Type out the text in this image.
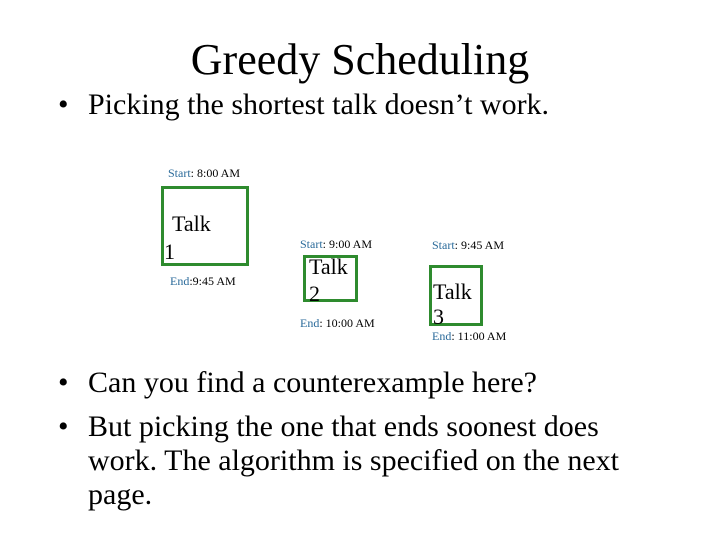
Greedy Scheduling
• Picking the shortest talk doesn’t work.
Start: 8:00 AM
Talk
1
End:9:45 AM
Start: 9:00 AM
Talk
2
End: 10:00 AM
Start: 9:45 AM
Talk
3
End: 11:00 AM
• Can you find a counterexample here?
• But picking the one that ends soonest does work. The algorithm is specified on the next page.
